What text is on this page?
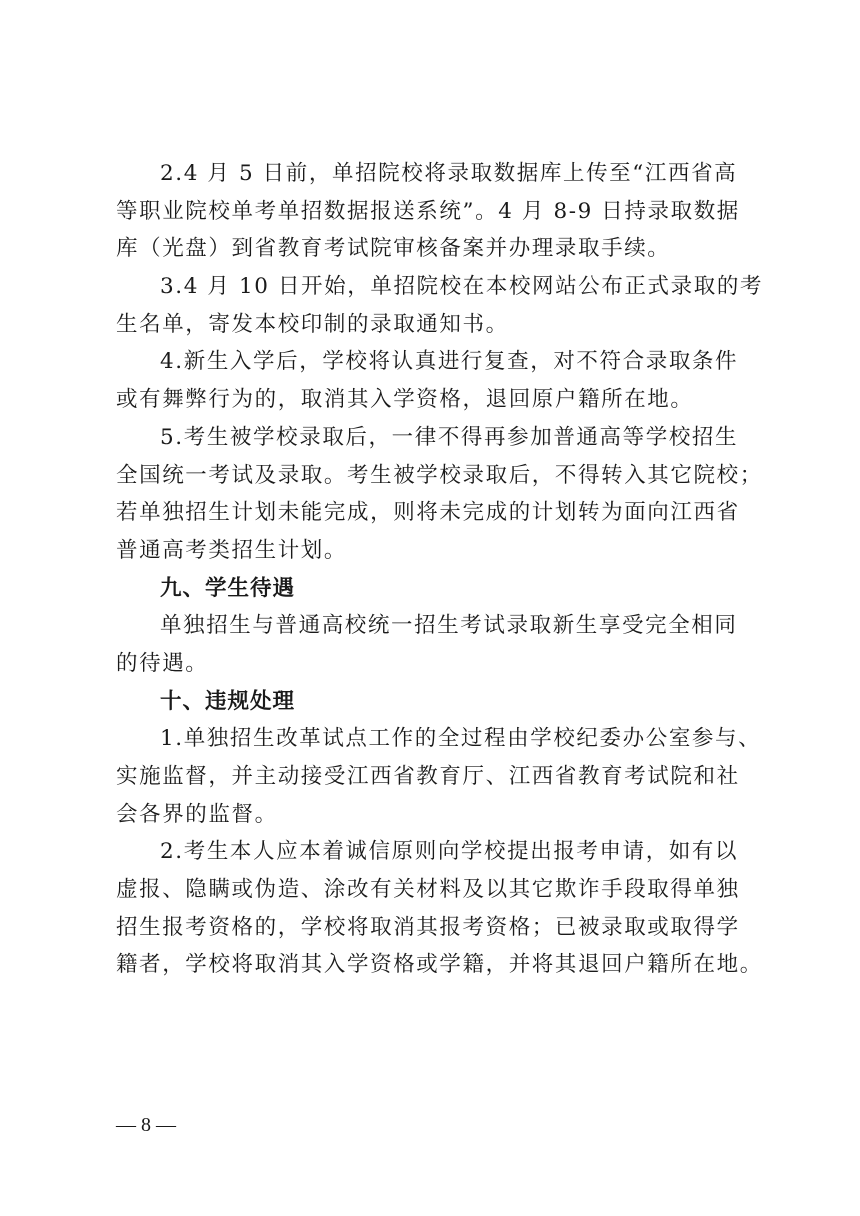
2.4 月 5 日前，单招院校将录取数据库上传至“江西省高
等职业院校单考单招数据报送系统”。4 月 8-9 日持录取数据
库（光盘）到省教育考试院审核备案并办理录取手续。
3.4 月 10 日开始，单招院校在本校网站公布正式录取的考
生名单，寄发本校印制的录取通知书。
4.新生入学后，学校将认真进行复查，对不符合录取条件
或有舞弊行为的，取消其入学资格，退回原户籍所在地。
5.考生被学校录取后，一律不得再参加普通高等学校招生
全国统一考试及录取。考生被学校录取后，不得转入其它院校；
若单独招生计划未能完成，则将未完成的计划转为面向江西省
普通高考类招生计划。
九、学生待遇
单独招生与普通高校统一招生考试录取新生享受完全相同
的待遇。
十、违规处理
1.单独招生改革试点工作的全过程由学校纪委办公室参与、
实施监督，并主动接受江西省教育厅、江西省教育考试院和社
会各界的监督。
2.考生本人应本着诚信原则向学校提出报考申请，如有以
虚报、隐瞒或伪造、涂改有关材料及以其它欺诈手段取得单独
招生报考资格的，学校将取消其报考资格；已被录取或取得学
籍者，学校将取消其入学资格或学籍，并将其退回户籍所在地。
— 8 —
